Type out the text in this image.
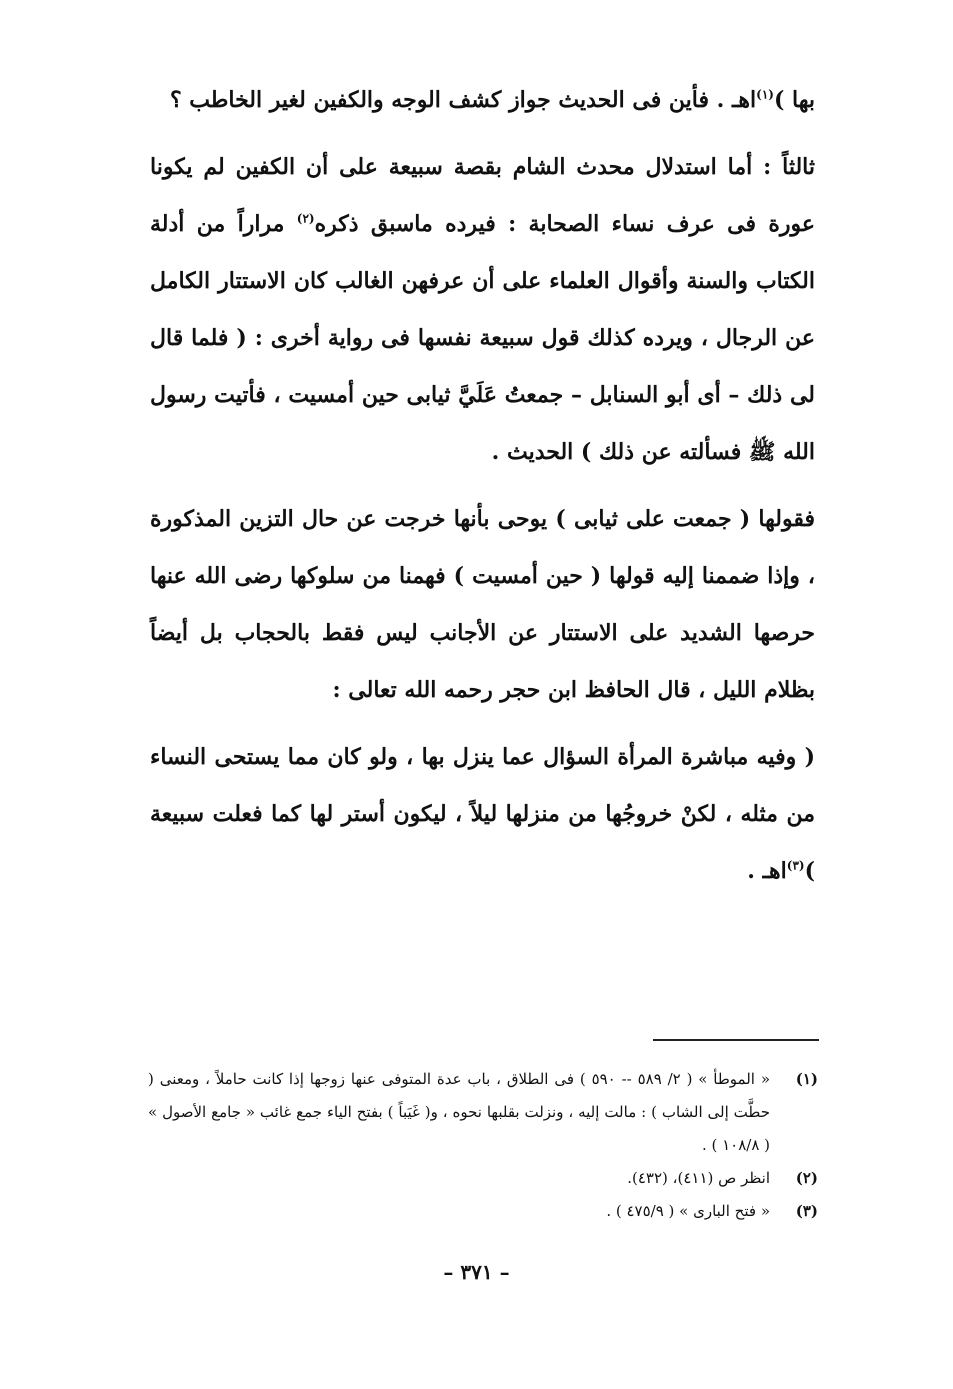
بها )$^{(١)}$اهـ . فأين فى الحديث جواز كشف الوجه والكفين لغير الخاطب ؟

ثالثاً : أما استدلال محدث الشام بقصة سبيعة على أن الكفين لم يكونا عورة فى عرف نساء الصحابة : فيرده ماسبق ذكره$^{(٢)}$ مراراً من أدلة الكتاب والسنة وأقوال العلماء على أن عرفهن الغالب كان الاستتار الكامل عن الرجال ، ويرده كذلك قول سبيعة نفسها فى رواية أخرى : ( فلما قال لى ذلك – أى أبو السنابل – جمعتُ عَلَيَّ ثيابى حين أمسيت ، فأتيت رسول الله ﷺ فسألته عن ذلك ) الحديث .

فقولها ( جمعت على ثيابى ) يوحى بأنها خرجت عن حال التزين المذكورة ، وإذا ضممنا إليه قولها ( حين أمسيت ) فهمنا من سلوكها رضى الله عنها حرصها الشديد على الاستتار عن الأجانب ليس فقط بالحجاب بل أيضاً بظلام الليل ، قال الحافظ ابن حجر رحمه الله تعالى :

( وفيه مباشرة المرأة السؤال عما ينزل بها ، ولو كان مما يستحى النساء من مثله ، لكنْ خروجُها من منزلها ليلاً ، ليكون أستر لها كما فعلت سبيعة )$^{(٣)}$اهـ .

(١)
« الموطأ » ( ٢/ ٥٨٩ -- ٥٩٠ ) فى الطلاق ، باب عدة المتوفى عنها زوجها إذا كانت حاملاً ، ومعنى ( حطَّت إلى الشاب ) : مالت إليه ، ونزلت بقلبها نحوه ، و( غَيَباً ) بفتح الياء جمع غائب « جامع الأصول » ( ١٠٨/٨ ) .
(٢)
انظر ص (٤١١)، (٤٣٢).
(٣)
« فتح البارى » ( ٤٧٥/٩ ) .
– ٣٧١ –
